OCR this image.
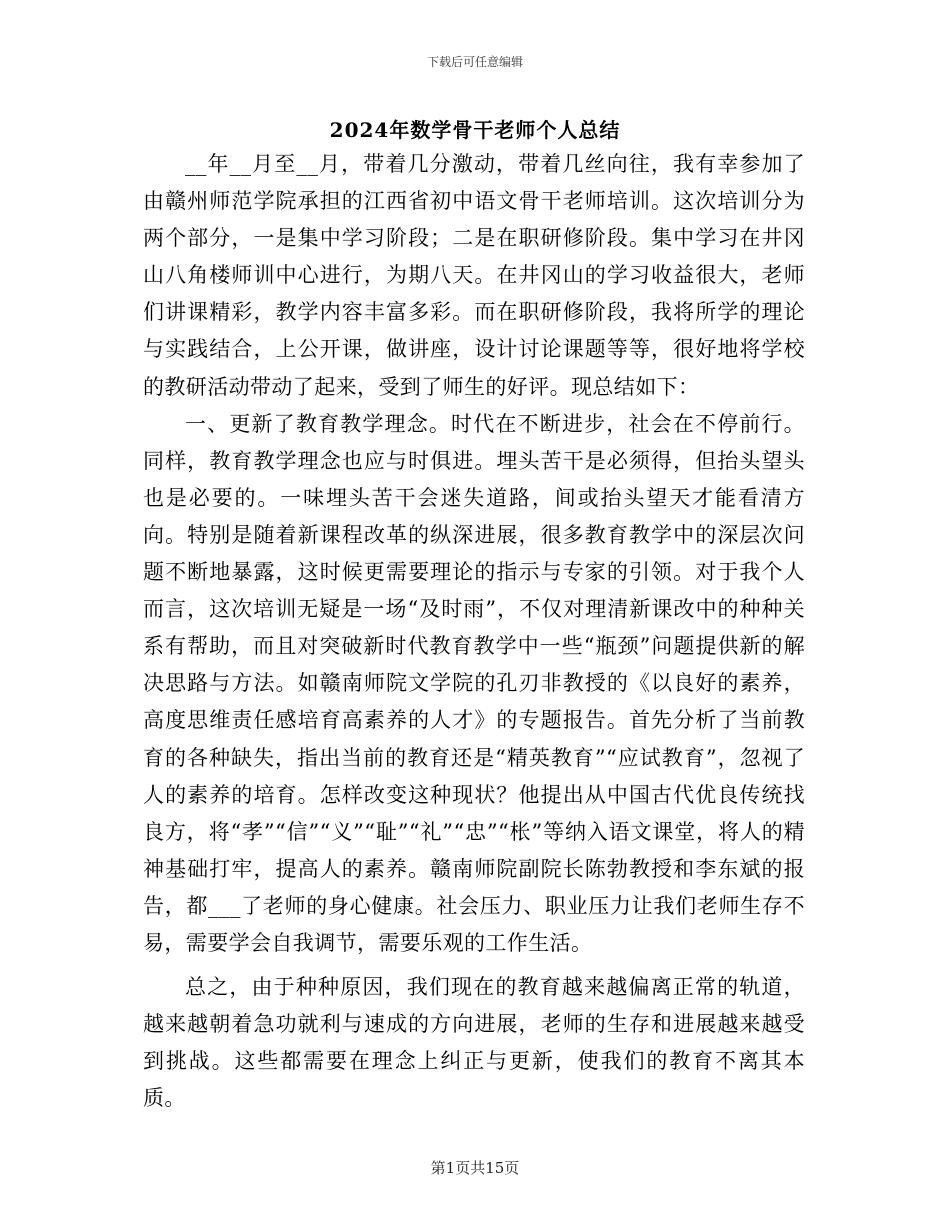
下载后可任意编辑
2024年数学骨干老师个人总结

__年__月至__月，带着几分激动，带着几丝向往，我有幸参加了由赣州师范学院承担的江西省初中语文骨干老师培训。这次培训分为两个部分，一是集中学习阶段；二是在职研修阶段。集中学习在井冈山八角楼师训中心进行，为期八天。在井冈山的学习收益很大，老师们讲课精彩，教学内容丰富多彩。而在职研修阶段，我将所学的理论与实践结合，上公开课，做讲座，设计讨论课题等等，很好地将学校的教研活动带动了起来，受到了师生的好评。现总结如下：

一、更新了教育教学理念。时代在不断进步，社会在不停前行。同样，教育教学理念也应与时俱进。埋头苦干是必须得，但抬头望头也是必要的。一味埋头苦干会迷失道路，间或抬头望天才能看清方向。特别是随着新课程改革的纵深进展，很多教育教学中的深层次问题不断地暴露，这时候更需要理论的指示与专家的引领。对于我个人而言，这次培训无疑是一场“及时雨”，不仅对理清新课改中的种种关系有帮助，而且对突破新时代教育教学中一些“瓶颈”问题提供新的解决思路与方法。如赣南师院文学院的孔刃非教授的《以良好的素养，高度思维责任感培育高素养的人才》的专题报告。首先分析了当前教育的各种缺失，指出当前的教育还是“精英教育”“应试教育”，忽视了人的素养的培育。怎样改变这种现状？他提出从中国古代优良传统找良方，将“孝”“信”“义”“耻”“礼”“忠”“枨”等纳入语文课堂，将人的精神基础打牢，提高人的素养。赣南师院副院长陈勃教授和李东斌的报告，都___了老师的身心健康。社会压力、职业压力让我们老师生存不易，需要学会自我调节，需要乐观的工作生活。

总之，由于种种原因，我们现在的教育越来越偏离正常的轨道，越来越朝着急功就利与速成的方向进展，老师的生存和进展越来越受到挑战。这些都需要在理念上纠正与更新，使我们的教育不离其本质。

第1页共15页
